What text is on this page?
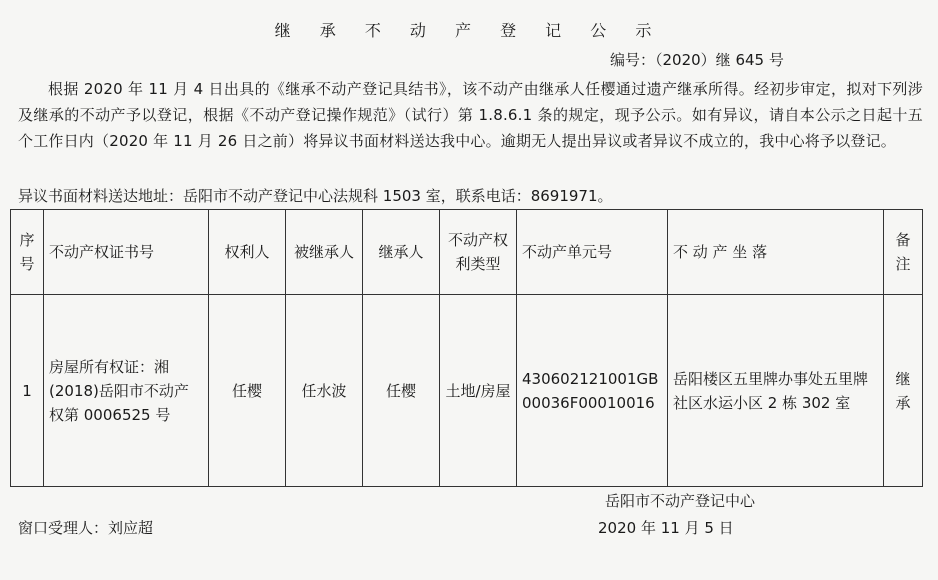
继 承 不 动 产 登 记 公 示
编号：（2020）继 645 号
根据 2020 年 11 月 4 日出具的《继承不动产登记具结书》，该不动产由继承人任樱通过遗产继承所得。经初步审定，拟对下列涉及继承的不动产予以登记，根据《不动产登记操作规范》（试行）第 1.8.6.1 条的规定，现予公示。如有异议，请自本公示之日起十五个工作日内（2020 年 11 月 26 日之前）将异议书面材料送达我中心。逾期无人提出异议或者异议不成立的，我中心将予以登记。
异议书面材料送达地址：岳阳市不动产登记中心法规科 1503 室，联系电话：8691971。
序号	不动产权证书号	权利人	被继承人	继承人	不动产权利类型	不动产单元号	不 动 产 坐 落	备注
1	房屋所有权证：湘(2018)岳阳市不动产权第 0006525 号	任樱	任水波	任樱	土地/房屋	430602121001GB00036F00010016	岳阳楼区五里牌办事处五里牌社区水运小区 2 栋 302 室	继承
岳阳市不动产登记中心
窗口受理人：刘应超	2020 年 11 月 5 日
